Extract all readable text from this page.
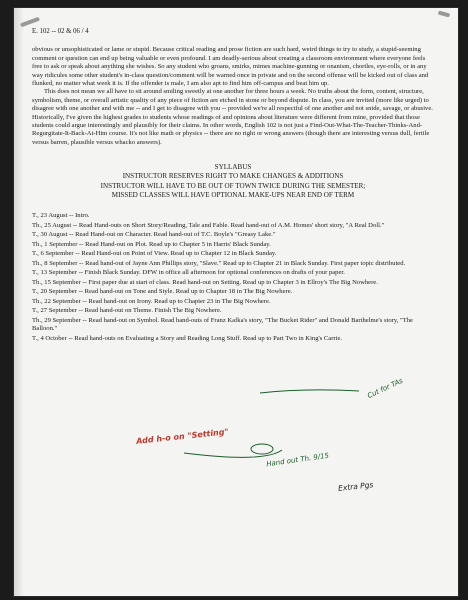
E. 102 -- 02 & 06 / 4

obvious or unsophisticated or lame or stupid. Because critical reading and prose fiction are such hard, weird things to try to study, a stupid-seeming comment or question can end up being valuable or even profound. I am deadly-serious about creating a classroom environment where everyone feels free to ask or speak about anything she wishes. So any student who groans, smirks, mimes machine-gunning or onanism, chortles, eye-rolls, or in any way ridicules some other student's in-class question/comment will be warned once in private and on the second offense will be kicked out of class and flunked, no matter what week it is. If the offender is male, I am also apt to find him off-campus and beat him up.

This does not mean we all have to sit around smiling sweetly at one another for three hours a week. No truths about the form, content, structure, symbolism, theme, or overall artistic quality of any piece of fiction are etched in stone or beyond dispute. In class, you are invited (more like urged) to disagree with one another and with me -- and I get to disagree with you -- provided we're all respectful of one another and not snide, savage, or abusive. Historically, I've given the highest grades to students whose readings of and opinions about literature were different from mine, provided that those students could argue interestingly and plausibly for their claims. In other words, English 102 is not just a Find-Out-What-The-Teacher-Thinks-And-Regurgitate-It-Back-At-Him course. It's not like math or physics -- there are no right or wrong answers (though there are interesting versus dull, fertile versus barren, plausible versus whacko answers).

SYLLABUS
INSTRUCTOR RESERVES RIGHT TO MAKE CHANGES & ADDITIONS
INSTRUCTOR WILL HAVE TO BE OUT OF TOWN TWICE DURING THE SEMESTER;
MISSED CLASSES WILL HAVE OPTIONAL MAKE-UPS NEAR END OF TERM
T., 23 August -- Intro.
Th., 25 August -- Read Hand-outs on Short Story/Reading, Tale and Fable. Read hand-out of A.M. Homes' short story, "A Real Doll."
T., 30 August -- Read Hand-out on Character. Read hand-out of T.C. Boyle's "Greasy Lake."
Th., 1 September -- Read Hand-out on Plot. Read up to Chapter 5 in Harris' Black Sunday.
T., 6 September -- Read Hand-out on Point of View. Read up to Chapter 12 in Black Sunday.
Th., 8 September -- Read hand-out of Jayne Ann Phillips story, "Slave." Read up to Chapter 21 in Black Sunday. First paper topic distributed.
T., 13 September -- Finish Black Sunday. DFW in office all afternoon for optional conferences on drafts of your paper.
Th., 15 September -- First paper due at start of class. Read hand-out on Setting. Read up to Chapter 3 in Ellroy's The Big Nowhere.
T., 20 September -- Read hand-out on Tone and Style. Read up to Chapter 18 in The Big Nowhere.
Th., 22 September -- Read hand-out on Irony. Read up to Chapter 23 in The Big Nowhere.
T., 27 September -- Read hand-out on Theme. Finish The Big Nowhere.
Th., 29 September -- Read hand-out on Symbol. Read hand-outs of Franz Kafka's story, "The Bucket Rider" and Donald Barthelme's story, "The Balloon."
T., 4 October -- Read hand-outs on Evaluating a Story and Reading Long Stuff. Read up to Part Two in King's Carrie.
Cut for TAs
Add h-o on "Setting"
Hand out Th. 9/15
Extra Pgs
